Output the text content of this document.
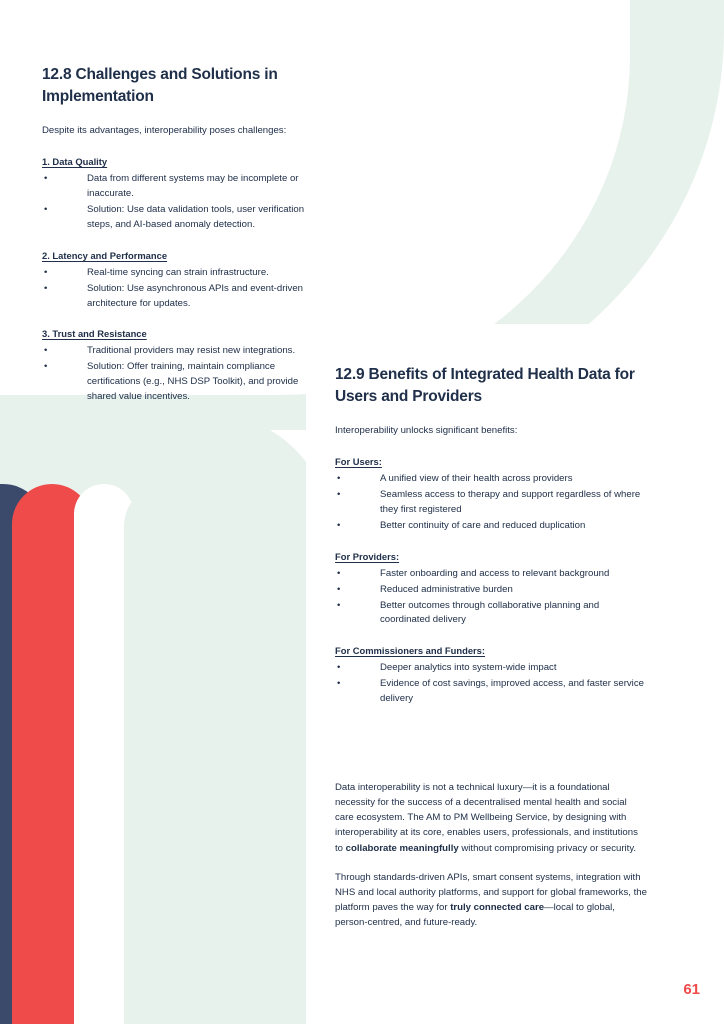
12.8 Challenges and Solutions in Implementation

Despite its advantages, interoperability poses challenges:

1. Data Quality
• Data from different systems may be incomplete or inaccurate.
• Solution: Use data validation tools, user verification steps, and AI-based anomaly detection.
2. Latency and Performance
• Real-time syncing can strain infrastructure.
• Solution: Use asynchronous APIs and event-driven architecture for updates.
3. Trust and Resistance
• Traditional providers may resist new integrations.
• Solution: Offer training, maintain compliance certifications (e.g., NHS DSP Toolkit), and provide shared value incentives.
12.9 Benefits of Integrated Health Data for Users and Providers

Interoperability unlocks significant benefits:

For Users:
• A unified view of their health across providers
• Seamless access to therapy and support regardless of where they first registered
• Better continuity of care and reduced duplication
For Providers:
• Faster onboarding and access to relevant background
• Reduced administrative burden
• Better outcomes through collaborative planning and coordinated delivery
For Commissioners and Funders:
• Deeper analytics into system-wide impact
• Evidence of cost savings, improved access, and faster service delivery

Data interoperability is not a technical luxury—it is a foundational necessity for the success of a decentralised mental health and social care ecosystem. The AM to PM Wellbeing Service, by designing with interoperability at its core, enables users, professionals, and institutions to collaborate meaningfully without compromising privacy or security.

Through standards-driven APIs, smart consent systems, integration with NHS and local authority platforms, and support for global frameworks, the platform paves the way for truly connected care—local to global, person-centred, and future-ready.

61
